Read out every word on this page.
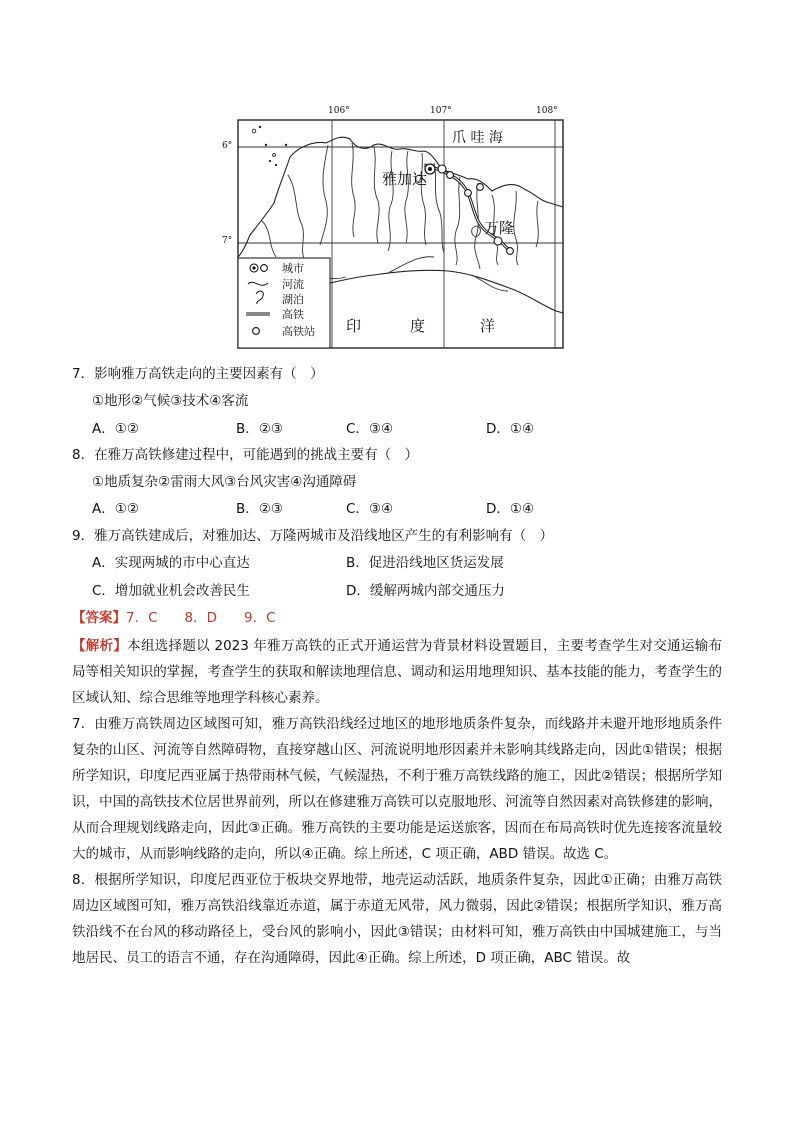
106°	107°	108°
6°
7°
爪 哇 海
雅加达
万隆
印	度	洋
城市
河流
湖泊
高铁
高铁站
7．影响雅万高铁走向的主要因素有（　）
①地形②气候③技术④客流
A．①②	B．②③	C．③④	D．①④
8．在雅万高铁修建过程中，可能遇到的挑战主要有（　）
①地质复杂②雷雨大风③台风灾害④沟通障碍
A．①②	B．②③	C．③④	D．①④
9．雅万高铁建成后，对雅加达、万隆两城市及沿线地区产生的有利影响有（　）
A．实现两城的市中心直达	B．促进沿线地区货运发展
C．增加就业机会改善民生	D．缓解两城内部交通压力
【答案】7．C　　8．D　　9．C
【解析】本组选择题以 2023 年雅万高铁的正式开通运营为背景材料设置题目，主要考查学生对交通运输布局等相关知识的掌握，考查学生的获取和解读地理信息、调动和运用地理知识、基本技能的能力，考查学生的区域认知、综合思维等地理学科核心素养。
7．由雅万高铁周边区域图可知，雅万高铁沿线经过地区的地形地质条件复杂，而线路并未避开地形地质条件复杂的山区、河流等自然障碍物，直接穿越山区、河流说明地形因素并未影响其线路走向，因此①错误；根据所学知识，印度尼西亚属于热带雨林气候，气候湿热，不利于雅万高铁线路的施工，因此②错误；根据所学知识，中国的高铁技术位居世界前列，所以在修建雅万高铁可以克服地形、河流等自然因素对高铁修建的影响，从而合理规划线路走向，因此③正确。雅万高铁的主要功能是运送旅客，因而在布局高铁时优先连接客流量较大的城市，从而影响线路的走向，所以④正确。综上所述，C 项正确，ABD 错误。故选 C。
8．根据所学知识，印度尼西亚位于板块交界地带，地壳运动活跃，地质条件复杂，因此①正确；由雅万高铁周边区域图可知，雅万高铁沿线靠近赤道，属于赤道无风带，风力微弱，因此②错误；根据所学知识，雅万高铁沿线不在台风的移动路径上，受台风的影响小，因此③错误；由材料可知，雅万高铁由中国城建施工，与当地居民、员工的语言不通，存在沟通障碍，因此④正确。综上所述，D 项正确，ABC 错误。故
